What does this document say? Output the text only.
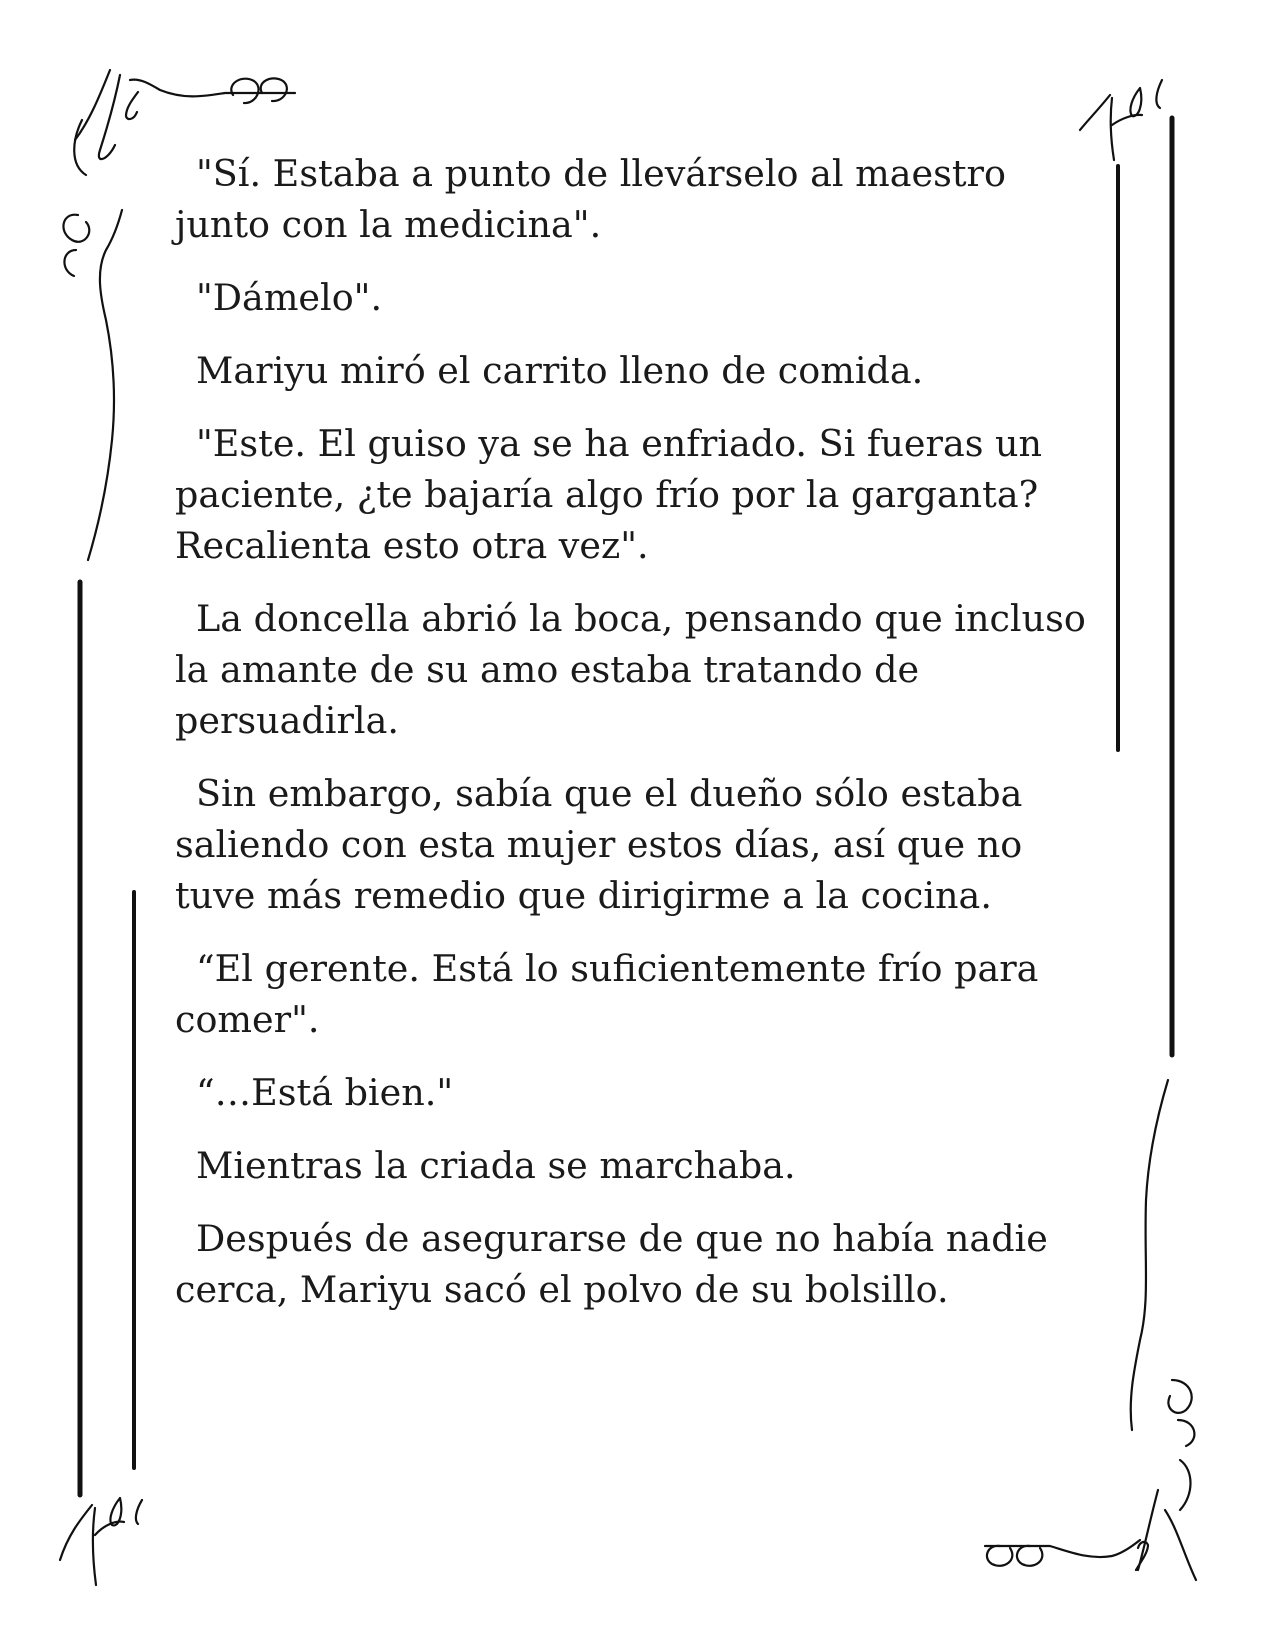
"Sí. Estaba a punto de llevárselo al maestro junto con la medicina".

"Dámelo".

Mariyu miró el carrito lleno de comida.

"Este. El guiso ya se ha enfriado. Si fueras un paciente, ¿te bajaría algo frío por la garganta? Recalienta esto otra vez".

La doncella abrió la boca, pensando que incluso la amante de su amo estaba tratando de persuadirla.

Sin embargo, sabía que el dueño sólo estaba saliendo con esta mujer estos días, así que no tuve más remedio que dirigirme a la cocina.

“El gerente. Está lo suficientemente frío para comer".

“…Está bien."

Mientras la criada se marchaba.

Después de asegurarse de que no había nadie cerca, Mariyu sacó el polvo de su bolsillo.
